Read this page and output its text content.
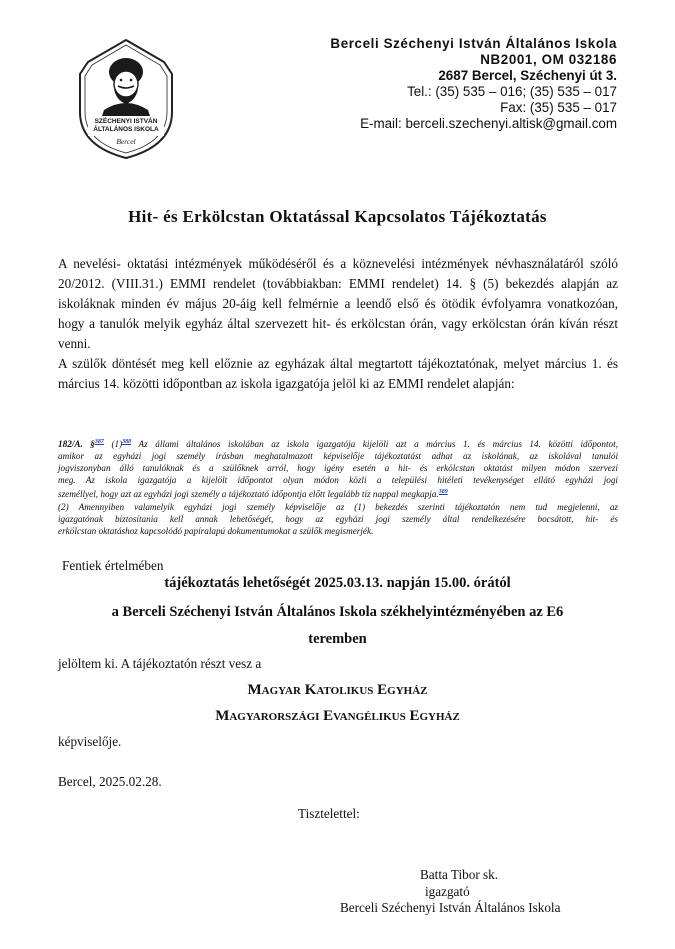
SZÉCHENYI ISTVÁN
ÁLTALÁNOS ISKOLA
Bercel
Berceli Széchenyi István Általános Iskola
NB2001, OM 032186
2687 Bercel, Széchenyi út 3.
Tel.: (35) 535 – 016; (35) 535 – 017
Fax: (35) 535 – 017
E-mail: berceli.szechenyi.altisk@gmail.com
Hit- és Erkölcstan Oktatással Kapcsolatos Tájékoztatás
A nevelési- oktatási intézmények működéséről és a köznevelési intézmények névhasználatáról szóló
20/2012. (VIII.31.) EMMI rendelet (továbbiakban: EMMI rendelet) 14. § (5) bekezdés alapján az
iskoláknak minden év május 20-áig kell felmérnie a leendő első és ötödik évfolyamra vonatkozóan,
hogy a tanulók melyik egyház által szervezett hit- és erkölcstan órán, vagy erkölcstan órán kíván részt
venni.
A szülők döntését meg kell előznie az egyházak által megtartott tájékoztatónak, melyet március 1. és
március 14. közötti időpontban az iskola igazgatója jelöl ki az EMMI rendelet alapján:
182/A. §$^{387}$ $(1)^{388}$ Az állami általános iskolában az iskola igazgatója kijelöli azt a március 1. és március 14. közötti időpontot,
amikor az egyházi jogi személy írásban meghatalmazott képviselője tájékoztatást adhat az iskolának, az iskolával tanulói
jogviszonyban álló tanulóknak és a szülőknek arról, hogy igény esetén a hit- és erkölcstan oktatást milyen módon szervezi
meg. Az iskola igazgatója a kijelölt időpontot olyan módon közli a települési hitéleti tevékenységet ellátó egyházi jogi
személlyel, hogy azt az egyházi jogi személy a tájékoztató időpontja előtt legalább tíz nappal megkapja.$^{389}$
(2) Amennyiben valamelyik egyházi jogi személy képviselője az (1) bekezdés szerinti tájékoztatón nem tud megjelenni, az
igazgatónak biztosítania kell annak lehetőségét, hogy az egyházi jogi személy által rendelkezésére bocsátott, hit- és
erkölcstan oktatáshoz kapcsolódó papíralapú dokumentumokat a szülők megismerjék.
Fentiek értelmében
tájékoztatás lehetőségét 2025.03.13. napján 15.00. órától
a Berceli Széchenyi István Általános Iskola székhelyintézményében az E6
teremben
jelöltem ki. A tájékoztatón részt vesz a
Magyar Katolikus Egyház
Magyarországi Evangélikus Egyház
képviselője.
Bercel, 2025.02.28.
Tisztelettel:
Batta Tibor sk.
igazgató
Berceli Széchenyi István Általános Iskola
